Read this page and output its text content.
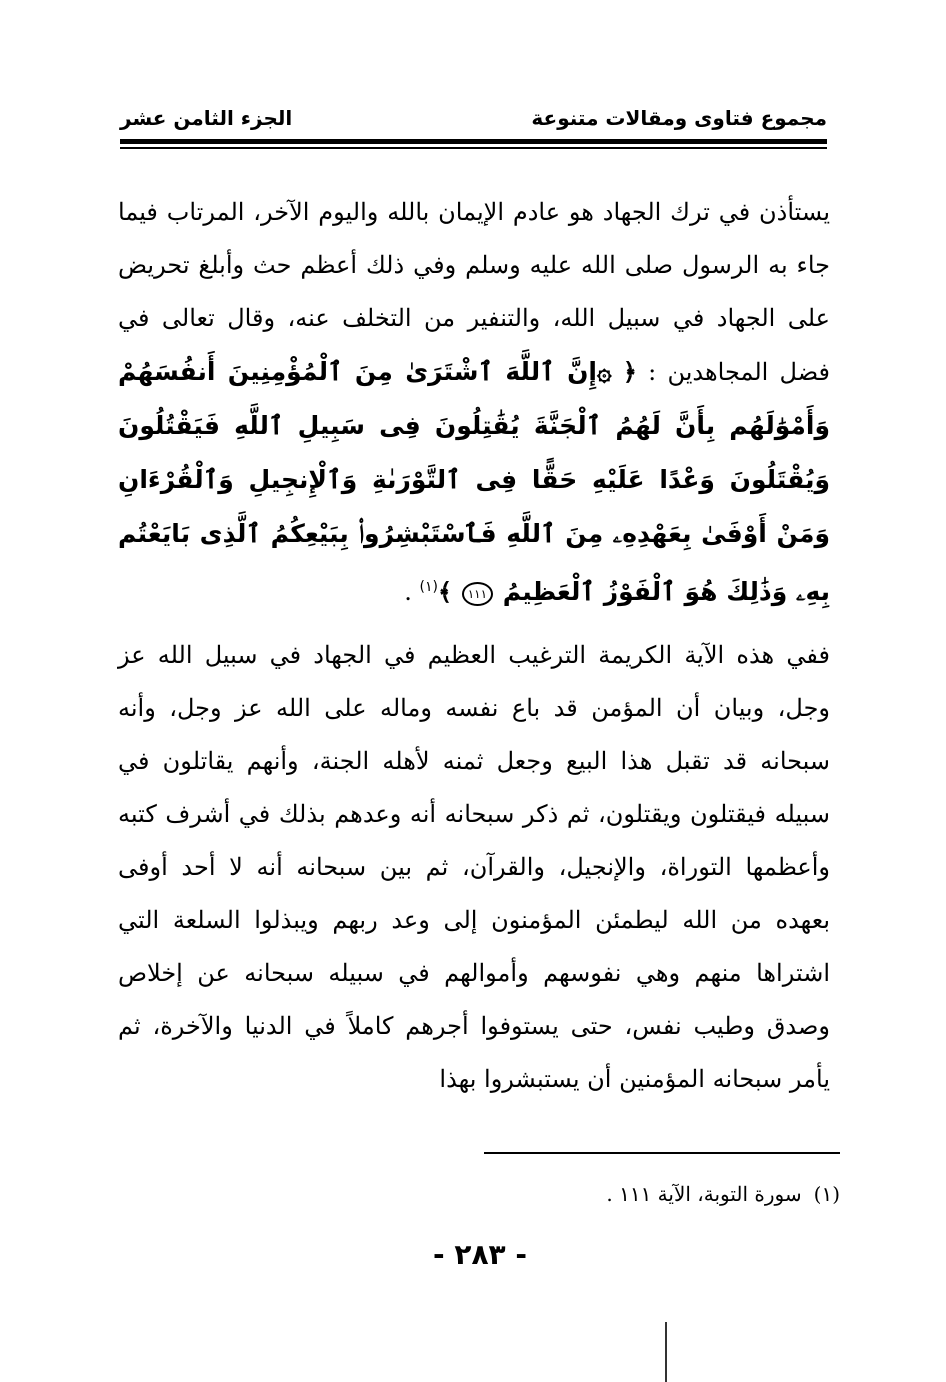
مجموع فتاوى ومقالات متنوعة
الجزء الثامن عشر

يستأذن في ترك الجهاد هو عادم الإيمان بالله واليوم الآخر، المرتاب فيما جاء به الرسول صلى الله عليه وسلم وفي ذلك أعظم حث وأبلغ تحريض على الجهاد في سبيل الله، والتنفير من التخلف عنه، وقال تعالى في فضل المجاهدين : ﴿ ۞إِنَّ ٱللَّهَ ٱشْتَرَىٰ مِنَ ٱلْمُؤْمِنِينَ أَنفُسَهُمْ وَأَمْوَٰلَهُم بِأَنَّ لَهُمُ ٱلْجَنَّةَ يُقَٰتِلُونَ فِى سَبِيلِ ٱللَّهِ فَيَقْتُلُونَ وَيُقْتَلُونَ وَعْدًا عَلَيْهِ حَقًّا فِى ٱلتَّوْرَىٰةِ وَٱلْإِنجِيلِ وَٱلْقُرْءَانِ وَمَنْ أَوْفَىٰ بِعَهْدِهِۦ مِنَ ٱللَّهِ فَٱسْتَبْشِرُوا۟ بِبَيْعِكُمُ ٱلَّذِى بَايَعْتُم بِهِۦ وَذَٰلِكَ هُوَ ٱلْفَوْزُ ٱلْعَظِيمُ ١١١ ﴾$^{(١)}$ .

ففي هذه الآية الكريمة الترغيب العظيم في الجهاد في سبيل الله عز وجل، وبيان أن المؤمن قد باع نفسه وماله على الله عز وجل، وأنه سبحانه قد تقبل هذا البيع وجعل ثمنه لأهله الجنة، وأنهم يقاتلون في سبيله فيقتلون ويقتلون، ثم ذكر سبحانه أنه وعدهم بذلك في أشرف كتبه وأعظمها التوراة، والإنجيل، والقرآن، ثم بين سبحانه أنه لا أحد أوفى بعهده من الله ليطمئن المؤمنون إلى وعد ربهم ويبذلوا السلعة التي اشتراها منهم وهي نفوسهم وأموالهم في سبيله سبحانه عن إخلاص وصدق وطيب نفس، حتى يستوفوا أجرهم كاملاً في الدنيا والآخرة، ثم يأمر سبحانه المؤمنين أن يستبشروا بهذا

(١)سورة التوبة، الآية ١١١ .
- ٢٨٣ -
